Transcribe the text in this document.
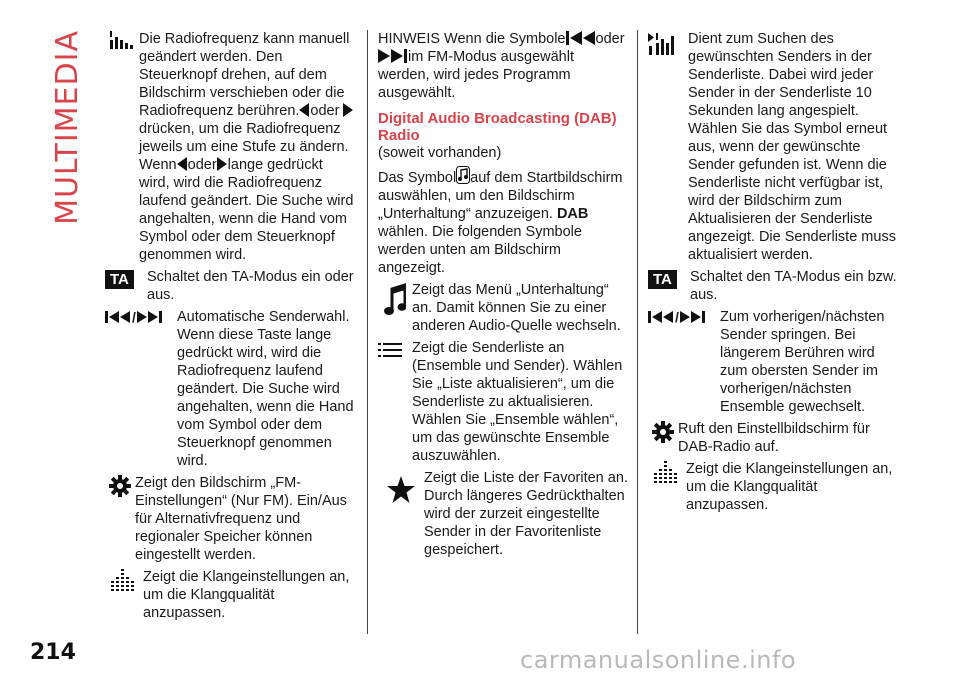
MULTIMEDIA
214	carmanualsonline.info
Die Radiofrequenz kann manuell geändert werden. Den Steuerknopf drehen, auf dem Bildschirm verschieben oder die Radiofrequenz berühren. oder drücken, um die Radiofrequenz jeweils um eine Stufe zu ändern. Wenn oder lange gedrückt wird, wird die Radiofrequenz laufend geändert. Die Suche wird angehalten, wenn die Hand vom Symbol oder dem Steuerknopf genommen wird.
TA	Schaltet den TA-Modus ein oder aus.
/	Automatische Senderwahl. Wenn diese Taste lange gedrückt wird, wird die Radiofrequenz laufend geändert. Die Suche wird angehalten, wenn die Hand vom Symbol oder dem Steuerknopf genommen wird.
Zeigt den Bildschirm „FM-Einstellungen“ (Nur FM). Ein/Aus für Alternativfrequenz und regionaler Speicher können eingestellt werden.
Zeigt die Klangeinstellungen an, um die Klangqualität anzupassen.

HINWEIS Wenn die Symbole oder im FM-Modus ausgewählt werden, wird jedes Programm ausgewählt.

Digital Audio Broadcasting (DAB) Radio

(soweit vorhanden)

Das Symbol auf dem Startbildschirm auswählen, um den Bildschirm „Unterhaltung“ anzuzeigen. DAB wählen. Die folgenden Symbole werden unten am Bildschirm angezeigt.

Zeigt das Menü „Unterhaltung“ an. Damit können Sie zu einer anderen Audio-Quelle wechseln.
Zeigt die Senderliste an (Ensemble und Sender). Wählen Sie „Liste aktualisieren“, um die Senderliste zu aktualisieren. Wählen Sie „Ensemble wählen“, um das gewünschte Ensemble auszuwählen.
Zeigt die Liste der Favoriten an. Durch längeres Gedrückthalten wird der zurzeit eingestellte Sender in der Favoritenliste gespeichert.
Dient zum Suchen des gewünschten Senders in der Senderliste. Dabei wird jeder Sender in der Senderliste 10 Sekunden lang angespielt. Wählen Sie das Symbol erneut aus, wenn der gewünschte Sender gefunden ist. Wenn die Senderliste nicht verfügbar ist, wird der Bildschirm zum Aktualisieren der Senderliste angezeigt. Die Senderliste muss aktualisiert werden.
TA	Schaltet den TA-Modus ein bzw. aus.
/	Zum vorherigen/nächsten Sender springen. Bei längerem Berühren wird zum obersten Sender im vorherigen/nächsten Ensemble gewechselt.
Ruft den Einstellbildschirm für DAB-Radio auf.
Zeigt die Klangeinstellungen an, um die Klangqualität anzupassen.
